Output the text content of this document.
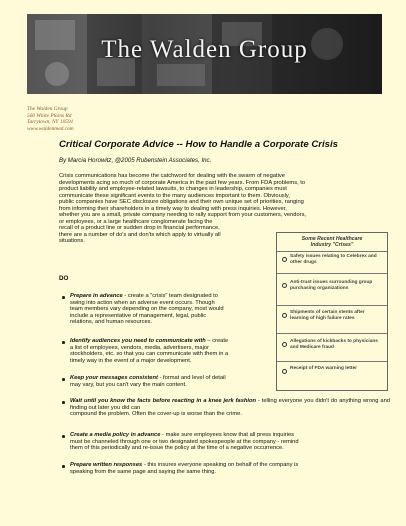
The Walden Group
The Walden Group
560 White Plains Rd
Tarrytown, NY 10591
www.waldenmed.com
Critical Corporate Advice -- How to Handle a Corporate Crisis
By Marcia Horowitz, @2005 Rubenstein Associates, Inc.
Crisis communications has become the catchword for dealing with the swarm of negative
developments acing so much of corporate America in the past few years. From FDA problems, to
product liability and employee-related lawsuits, to changes in leadership, companies must
communicate these significant events to the many audiences important to them. Obviously,
public companies have SEC disclosure obligations and their own unique set of priorities, ranging
from informing their shareholders in a timely way to dealing with press inquiries. However,
whether you are a small, private company needing to rally support from your customers, vendors,
or employees, or a large healthcare conglomerate facing the
recall of a product line or sudden drop in financial performance,
there are a number of do's and don'ts which apply to virtually all
situations.	Some Recent Healthcare
Industry "Crises"
Safety issues relating to Celebrex and other drugs
Anti-trust issues surrounding group purchasing organizations
Shipments of certain stents after learning of high failure rates
Allegations of kickbacks to physicians and Medicare fraud
Receipt of FDA warning letter
DO
Prepare in advance - create a "crisis" team designated to
swing into action when an adverse event occurs. Though
team members vary depending on the company, most would
include a representative of management, legal, public
relations, and human resources.
Identify audiences you need to communicate with – create
a list of employees, vendors, media, advertisers, major
stockholders, etc. so that you can communicate with them in a
timely way in the event of a major development.
Keep your messages consistent - format and level of detail
may vary, but you can't vary the main content.
Wait until you know the facts before reacting in a knee jerk fashion - telling everyone you didn't do anything wrong and finding out later you did can
compound the problem. Often the cover-up is worse than the crime.
Create a media policy in advance - make sure employees know that all press inquiries
must be channeled through one or two designated spokespeople at the company - remind
them of this periodically and re-issue the policy at the time of a negative occurrence.
Prepare written responses - this insures everyone speaking on behalf of the company is
speaking from the same page and saying the same thing.
